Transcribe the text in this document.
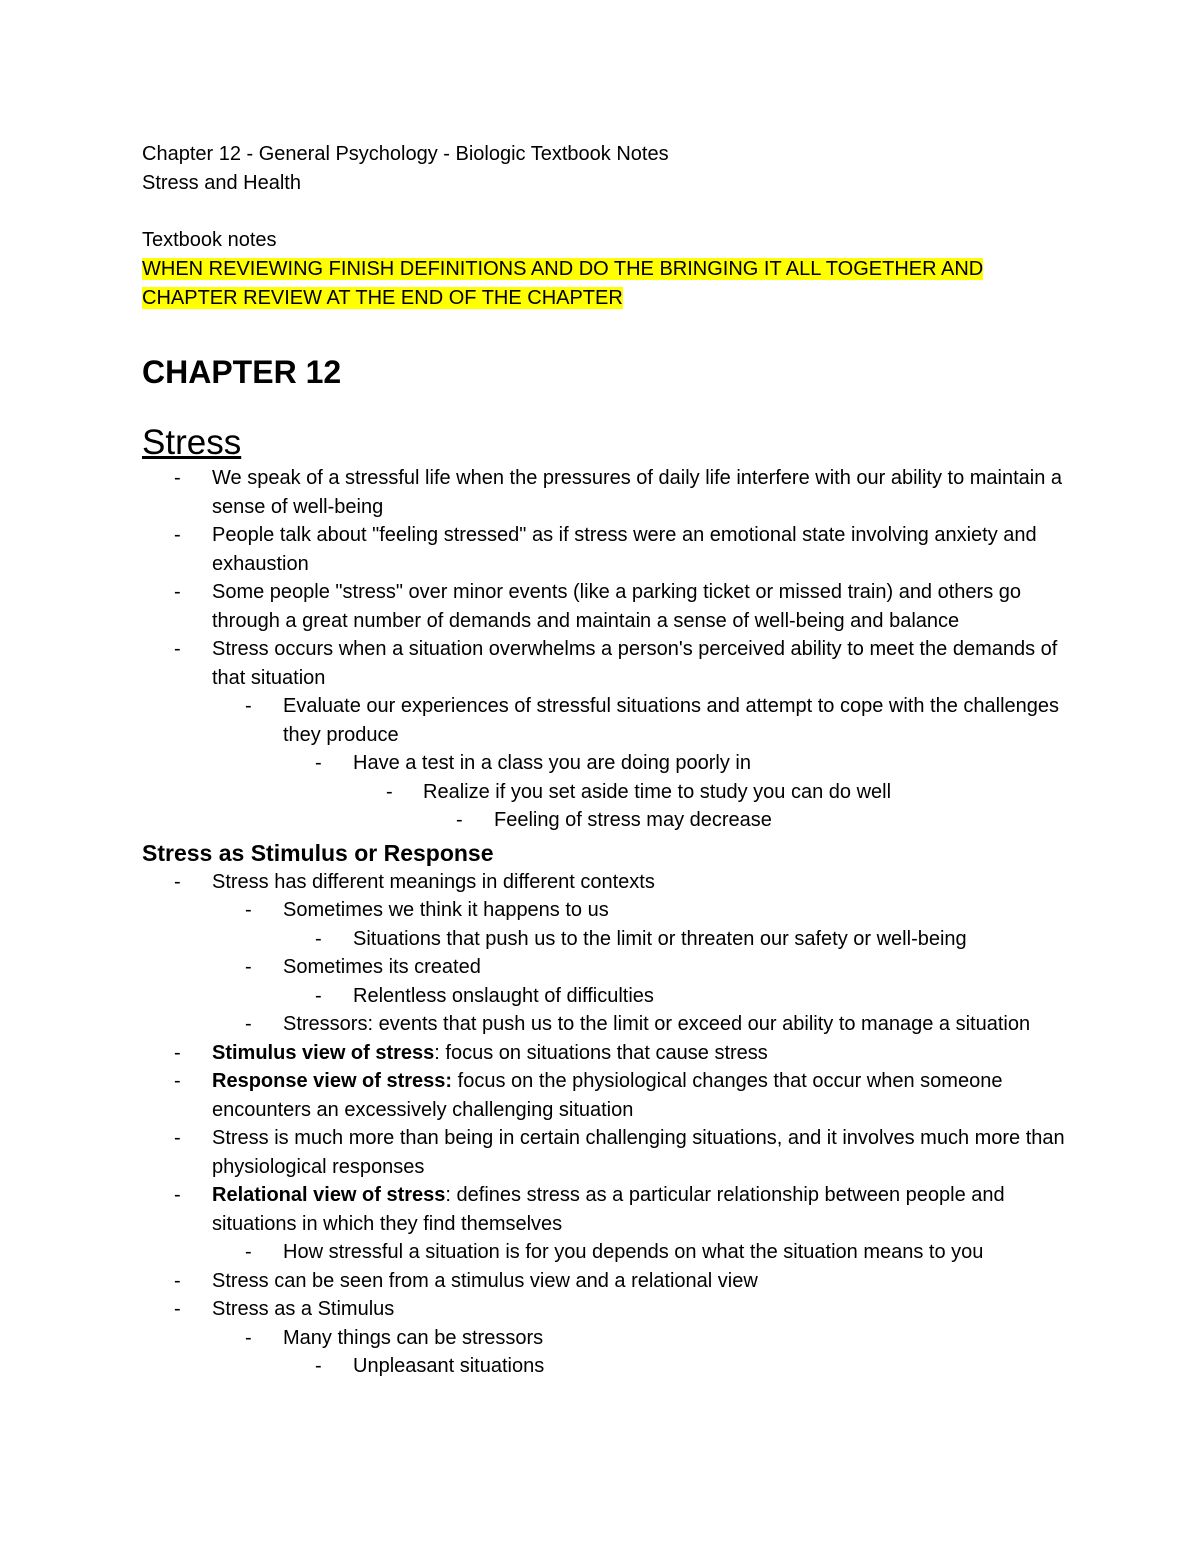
Chapter 12 - General Psychology - Biologic Textbook Notes

Stress and Health

Textbook notes

WHEN REVIEWING FINISH DEFINITIONS AND DO THE BRINGING IT ALL TOGETHER AND

CHAPTER REVIEW AT THE END OF THE CHAPTER

CHAPTER 12
Stress
-	We speak of a stressful life when the pressures of daily life interfere with our ability to maintain a sense of well-being
-	People talk about "feeling stressed" as if stress were an emotional state involving anxiety and exhaustion
-	Some people "stress" over minor events (like a parking ticket or missed train) and others go through a great number of demands and maintain a sense of well-being and balance
-	Stress occurs when a situation overwhelms a person's perceived ability to meet the demands of that situation
-	Evaluate our experiences of stressful situations and attempt to cope with the challenges they produce
-	Have a test in a class you are doing poorly in
-	Realize if you set aside time to study you can do well
-	Feeling of stress may decrease
Stress as Stimulus or Response
-	Stress has different meanings in different contexts
-	Sometimes we think it happens to us
-	Situations that push us to the limit or threaten our safety or well-being
-	Sometimes its created
-	Relentless onslaught of difficulties
-	Stressors: events that push us to the limit or exceed our ability to manage a situation
-	Stimulus view of stress: focus on situations that cause stress
-	Response view of stress: focus on the physiological changes that occur when someone encounters an excessively challenging situation
-	Stress is much more than being in certain challenging situations, and it involves much more than physiological responses
-	Relational view of stress: defines stress as a particular relationship between people and situations in which they find themselves
-	How stressful a situation is for you depends on what the situation means to you
-	Stress can be seen from a stimulus view and a relational view
-	Stress as a Stimulus
-	Many things can be stressors
-	Unpleasant situations
